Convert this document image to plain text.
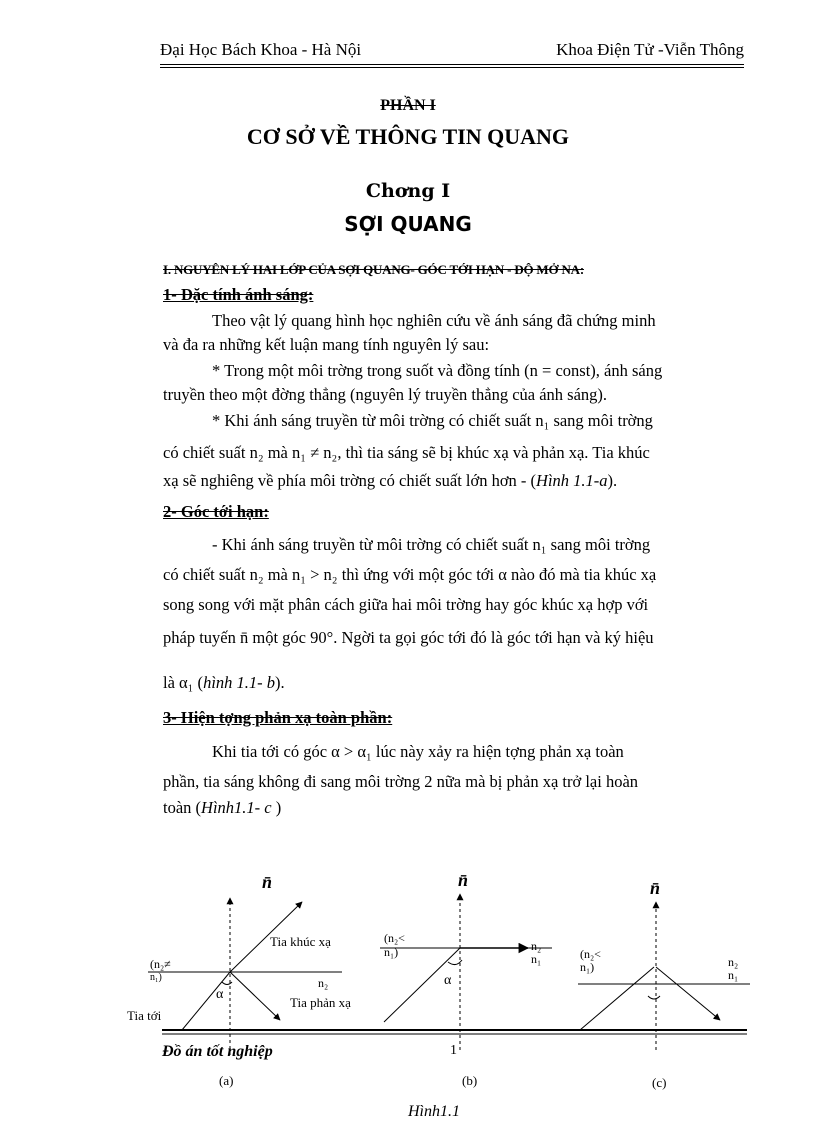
Đại Học Bách Khoa - Hà Nội	Khoa Điện Tử -Viễn Thông
PHẦN I
CƠ SỞ VỀ THÔNG TIN QUANG
Chơng I
SỢI QUANG
I. NGUYÊN LÝ HAI LỚP CỦA SỢI QUANG- GÓC TỚI HẠN - ĐỘ MỞ NA:
1- Đặc tính ánh sáng:
Theo vật lý quang hình học nghiên cứu về ánh sáng đã chứng minh
và đa ra những kết luận mang tính nguyên lý sau:
* Trong một môi trờng trong suốt và đồng tính (n = const), ánh sáng
truyền theo một đờng thẳng (nguyên lý truyền thẳng của ánh sáng).
* Khi ánh sáng truyền từ môi trờng có chiết suất n₁ sang môi trờng
có chiết suất n₂ mà n₁ ≠ n₂, thì tia sáng sẽ bị khúc xạ và phản xạ. Tia khúc
xạ sẽ nghiêng về phía môi trờng có chiết suất lớn hơn - (Hình 1.1-a).
2- Góc tới hạn:
- Khi ánh sáng truyền từ môi trờng có chiết suất n₁ sang môi trờng
có chiết suất n₂ mà n₁ > n₂ thì ứng với một góc tới α nào đó mà tia khúc xạ
song song với mặt phân cách giữa hai môi trờng hay góc khúc xạ hợp với
pháp tuyến n̄ một góc 90°. Ngời ta gọi góc tới đó là góc tới hạn và ký hiệu
là α₁ (hình 1.1- b).
3- Hiện tợng phản xạ toàn phần:
Khi tia tới có góc α > α₁ lúc này xảy ra hiện tợng phản xạ toàn
phần, tia sáng không đi sang môi trờng 2 nữa mà bị phản xạ trở lại hoàn
toàn (Hình1.1- c )
n̄
Tia khúc xạ
(n₂≠
n₁)	n₂
α
Tia phản xạ
Tia tới
n̄
(n₂<
n₁)	n₂
n₁
α
n̄
(n₂<
n₁)	n₂
n₁
Đồ án tốt nghiệp	1
(a)	(b)	(c)
Hình1.1
